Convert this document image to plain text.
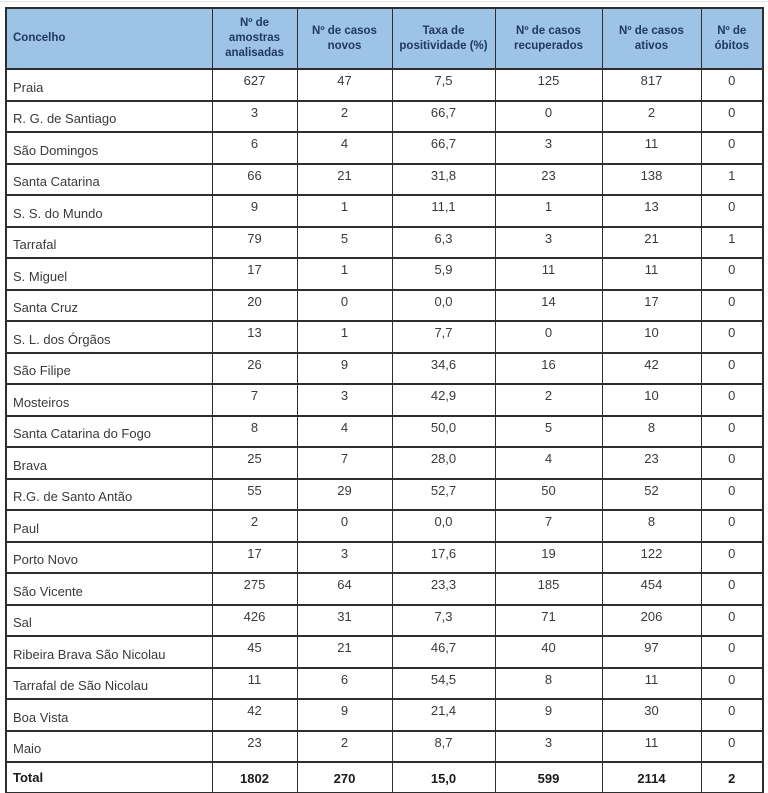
Concelho	Nº de amostras analisadas	Nº de casos novos	Taxa de positividade (%)	Nº de casos recuperados	Nº de casos ativos	Nº de óbitos
Praia	627	47	7,5	125	817	0
R. G. de Santiago	3	2	66,7	0	2	0
São Domingos	6	4	66,7	3	11	0
Santa Catarina	66	21	31,8	23	138	1
S. S. do Mundo	9	1	11,1	1	13	0
Tarrafal	79	5	6,3	3	21	1
S. Miguel	17	1	5,9	11	11	0
Santa Cruz	20	0	0,0	14	17	0
S. L. dos Órgãos	13	1	7,7	0	10	0
São Filipe	26	9	34,6	16	42	0
Mosteiros	7	3	42,9	2	10	0
Santa Catarina do Fogo	8	4	50,0	5	8	0
Brava	25	7	28,0	4	23	0
R.G. de Santo Antão	55	29	52,7	50	52	0
Paul	2	0	0,0	7	8	0
Porto Novo	17	3	17,6	19	122	0
São Vicente	275	64	23,3	185	454	0
Sal	426	31	7,3	71	206	0
Ribeira Brava São Nicolau	45	21	46,7	40	97	0
Tarrafal de São Nicolau	11	6	54,5	8	11	0
Boa Vista	42	9	21,4	9	30	0
Maio	23	2	8,7	3	11	0
Total	1802	270	15,0	599	2114	2
